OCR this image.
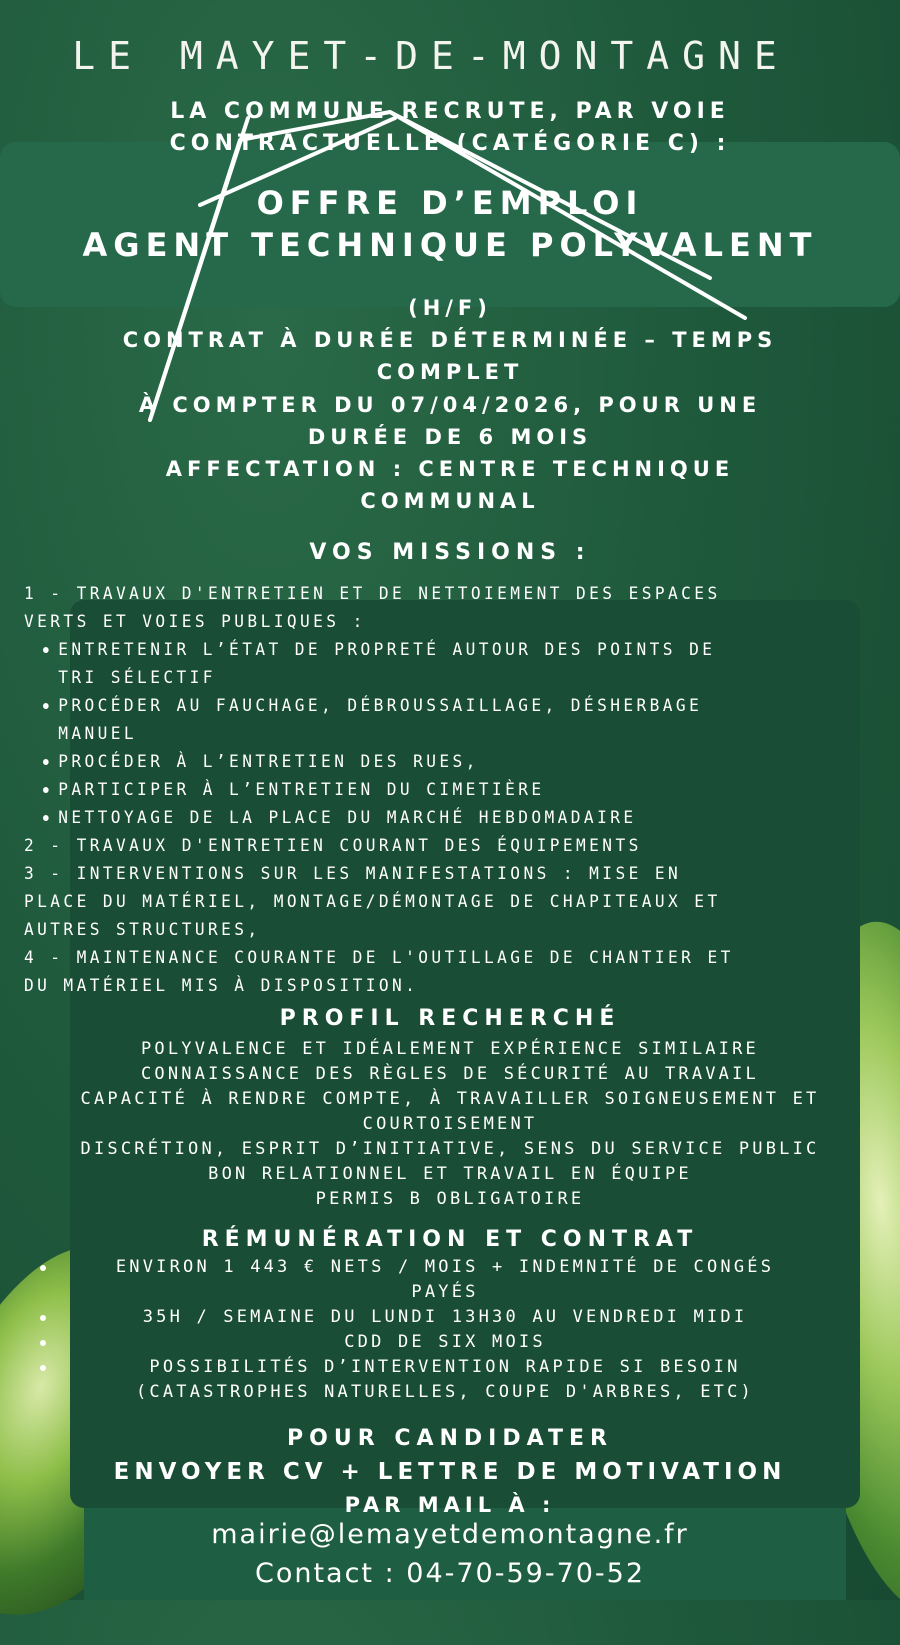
LE MAYET-DE-MONTAGNE

LA COMMUNE RECRUTE, PAR VOIE

CONTRACTUELLE (CATÉGORIE C) :

OFFRE D’EMPLOI

AGENT TECHNIQUE POLYVALENT

(H/F)

CONTRAT À DURÉE DÉTERMINÉE – TEMPS

COMPLET

À COMPTER DU 07/04/2026, POUR UNE

DURÉE DE 6 MOIS

AFFECTATION : CENTRE TECHNIQUE

COMMUNAL

VOS MISSIONS :

1 - TRAVAUX D'ENTRETIEN ET DE NETTOIEMENT DES ESPACES

VERTS ET VOIES PUBLIQUES :

ENTRETENIR L’ÉTAT DE PROPRETÉ AUTOUR DES POINTS DE
TRI SÉLECTIF
PROCÉDER AU FAUCHAGE, DÉBROUSSAILLAGE, DÉSHERBAGE
MANUEL
PROCÉDER À L’ENTRETIEN DES RUES,
PARTICIPER À L’ENTRETIEN DU CIMETIÈRE
NETTOYAGE DE LA PLACE DU MARCHÉ HEBDOMADAIRE

2 - TRAVAUX D'ENTRETIEN COURANT DES ÉQUIPEMENTS

3 - INTERVENTIONS SUR LES MANIFESTATIONS : MISE EN

PLACE DU MATÉRIEL, MONTAGE/DÉMONTAGE DE CHAPITEAUX ET

AUTRES STRUCTURES,

4 - MAINTENANCE COURANTE DE L'OUTILLAGE DE CHANTIER ET

DU MATÉRIEL MIS À DISPOSITION.

PROFIL RECHERCHÉ

POLYVALENCE ET IDÉALEMENT EXPÉRIENCE SIMILAIRE

CONNAISSANCE DES RÈGLES DE SÉCURITÉ AU TRAVAIL

CAPACITÉ À RENDRE COMPTE, À TRAVAILLER SOIGNEUSEMENT ET

COURTOISEMENT

DISCRÉTION, ESPRIT D’INITIATIVE, SENS DU SERVICE PUBLIC

BON RELATIONNEL ET TRAVAIL EN ÉQUIPE

PERMIS B OBLIGATOIRE

RÉMUNÉRATION ET CONTRAT

ENVIRON 1 443 € NETS / MOIS + INDEMNITÉ DE CONGÉS
PAYÉS
35H / SEMAINE DU LUNDI 13H30 AU VENDREDI MIDI
CDD DE SIX MOIS
POSSIBILITÉS D’INTERVENTION RAPIDE SI BESOIN
(CATASTROPHES NATURELLES, COUPE D'ARBRES, ETC)

POUR CANDIDATER

ENVOYER CV + LETTRE DE MOTIVATION

PAR MAIL À :

mairie@lemayetdemontagne.fr

Contact : 04-70-59-70-52
